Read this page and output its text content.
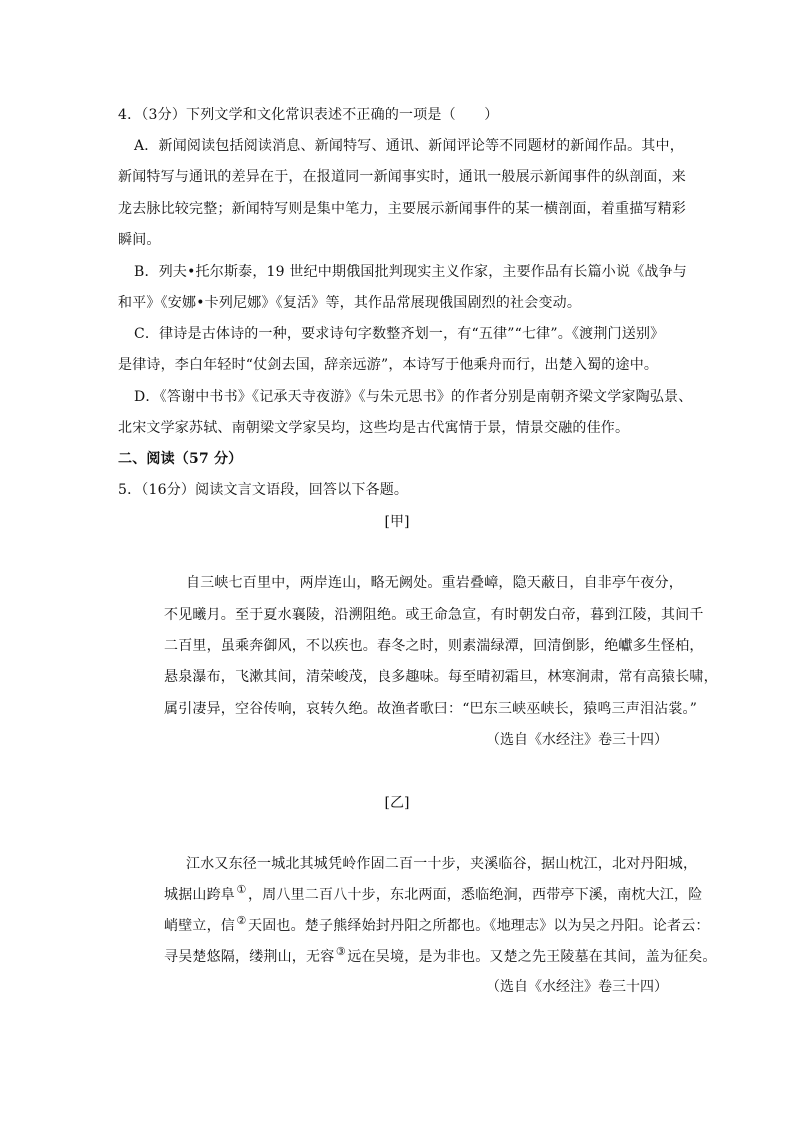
4．（3分）下列文学和文化常识表述不正确的一项是（　　）
A．新闻阅读包括阅读消息、新闻特写、通讯、新闻评论等不同题材的新闻作品。其中，
新闻特写与通讯的差异在于，在报道同一新闻事实时，通讯一般展示新闻事件的纵剖面，来
龙去脉比较完整；新闻特写则是集中笔力，主要展示新闻事件的某一横剖面，着重描写精彩
瞬间。
B．列夫•托尔斯泰，19 世纪中期俄国批判现实主义作家，主要作品有长篇小说《战争与
和平》《安娜•卡列尼娜》《复活》等，其作品常展现俄国剧烈的社会变动。
C．律诗是古体诗的一种，要求诗句字数整齐划一，有“五律”“七律”。《渡荆门送别》
是律诗，李白年轻时“仗剑去国，辞亲远游”，本诗写于他乘舟而行，出楚入蜀的途中。
D．《答谢中书书》《记承天寺夜游》《与朱元思书》的作者分别是南朝齐梁文学家陶弘景、
北宋文学家苏轼、南朝梁文学家吴均，这些均是古代寓情于景，情景交融的佳作。
二、阅读（57 分）
5．（16分）阅读文言文语段，回答以下各题。
[甲]
自三峡七百里中，两岸连山，略无阙处。重岩叠嶂，隐天蔽日，自非亭午夜分，
不见曦月。至于夏水襄陵，沿溯阻绝。或王命急宣，有时朝发白帝，暮到江陵，其间千
二百里，虽乘奔御风，不以疾也。春冬之时，则素湍绿潭，回清倒影，绝巘多生怪柏，
悬泉瀑布，飞漱其间，清荣峻茂，良多趣味。每至晴初霜旦，林寒涧肃，常有高猿长啸，
属引凄异，空谷传响，哀转久绝。故渔者歌曰：“巴东三峡巫峡长，猿鸣三声泪沾裳。”
（选自《水经注》卷三十四）
[乙]
江水又东径一城北其城凭岭作固二百一十步，夹溪临谷，据山枕江，北对丹阳城，
城据山跨阜①，周八里二百八十步，东北两面，悉临绝涧，西带亭下溪，南枕大江，险
峭壁立，信②天固也。楚子熊绎始封丹阳之所都也。《地理志》以为吴之丹阳。论者云：
寻吴楚悠隔，缕荆山，无容③远在吴境，是为非也。又楚之先王陵墓在其间，盖为征矣。
（选自《水经注》卷三十四）
